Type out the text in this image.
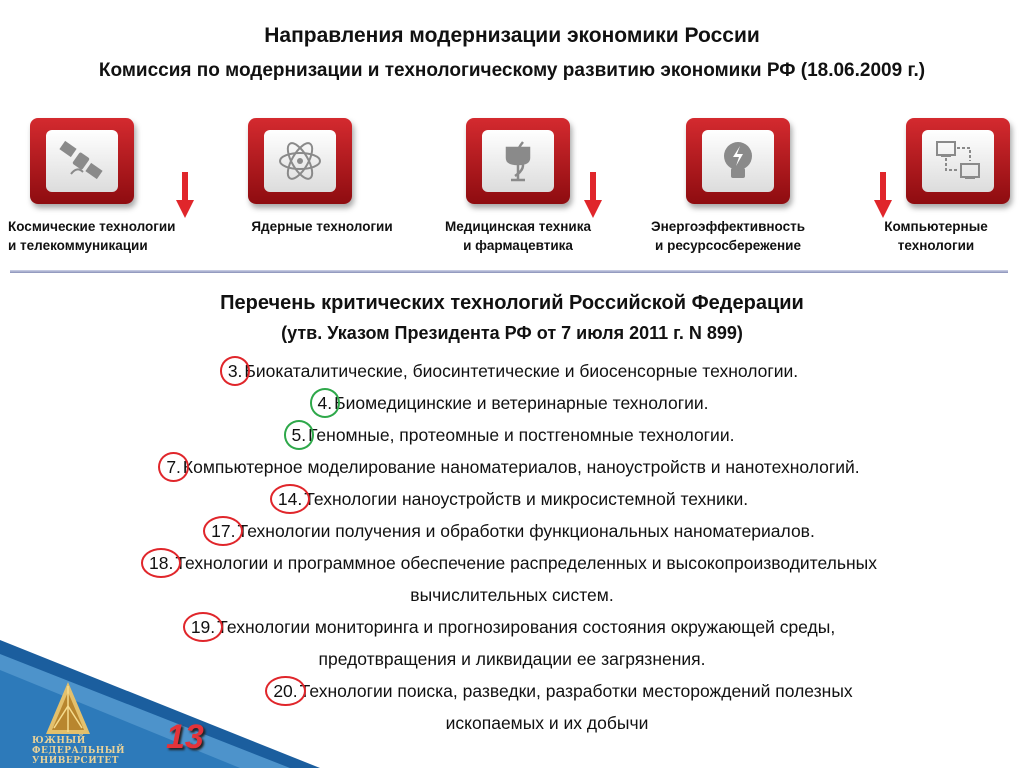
Направления модернизации экономики России
Комиссия по модернизации и технологическому развитию экономики РФ (18.06.2009 г.)
Космические технологии
и телекоммуникации
Ядерные технологии	Медицинская техника
и фармацевтика
Энергоэффективность
и ресурсосбережение
Компьютерные
технологии
Перечень критических технологий Российской Федерации
(утв. Указом Президента РФ от 7 июля 2011 г. N 899)
3. Биокаталитические, биосинтетические и биосенсорные технологии.
4. Биомедицинские и ветеринарные технологии.
5. Геномные, протеомные и постгеномные технологии.
7. Компьютерное моделирование наноматериалов, наноустройств и нанотехнологий.
14. Технологии наноустройств и микросистемной техники.
17. Технологии получения и обработки функциональных наноматериалов.
18. Технологии и программное обеспечение распределенных и высокопроизводительных
вычислительных систем.
19. Технологии мониторинга и прогнозирования состояния окружающей среды,
предотвращения и ликвидации ее загрязнения.
20. Технологии поиска, разведки, разработки месторождений полезных
ископаемых и их добычи
ЮЖНЫЙ
ФЕДЕРАЛЬНЫЙ
УНИВЕРСИТЕТ
13
